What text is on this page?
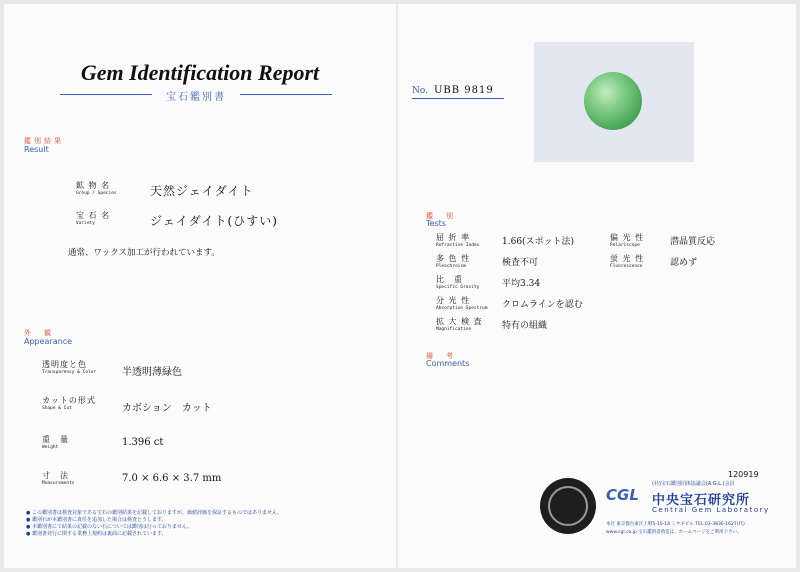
Gem Identification Report
宝石鑑別書
鑑別結果
Result
鉱 物 名
Group / Species	天然ジェイダイト
宝 石 名
Variety	ジェイダイト(ひすい)
通常、ワックス加工が行われています。
外　観
Appearance
透明度と色
Transparency & Color	半透明薄緑色
カットの形式
Shape & Cut	カボション　カット
重　量
Weight	1.396 ct
寸　法
Measurements	7.0 × 6.6 × 3.7 mm
● この鑑別書は検査対象である宝石の鑑別結果を記載しておりますが、価値評価を保証するものではありません。
● 鑑別石が本鑑別書に責任を追加した場合は検査とうします。
● 本鑑別書にて結果の記載のない石については鑑別は行っておりません。
● 鑑別書発行に関する業務上規約は裏面に記載されています。
No. UBB 9819
鑑　別
Tests
屈 折 率
Refractive Index	1.66(スポット法)
多 色 性
Pleochroism	検査不可
比　重
Specific Gravity	平均3.34
分 光 性
Absorption Spectrum クロムラインを認む
拡 大 検 査
Magnification	特有の組織
偏 光 性
Polariscope	潜晶質反応
蛍 光 性
Fluorescence	認めず
備　考
Comments
120919
CGL
(社)宝石鑑別団体協議会(A.G.L.)会員
中央宝石研究所
Central Gem Laboratory
本社 東京都台東区上野5-15-14 ミヤギビル TEL.03-3836-1627(代)
www.cgl.co.jp 宝石鑑別書偽造は、ホームページをご利用下さい。
